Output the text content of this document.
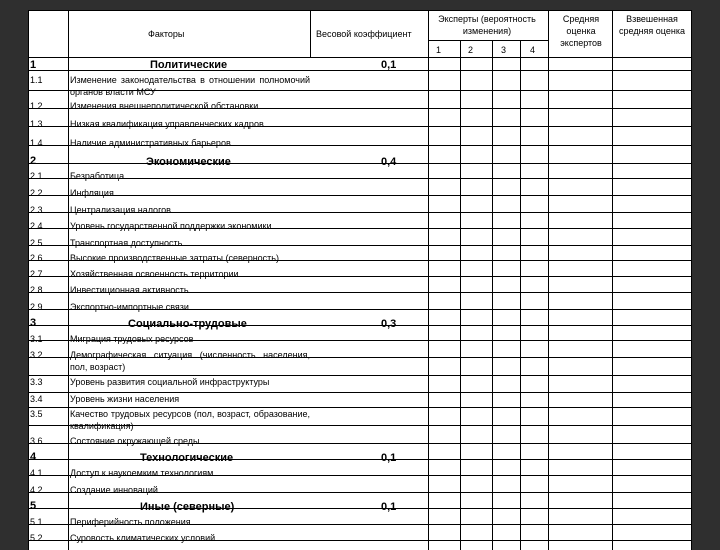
Факторы	Весовой коэффициент
Эксперты (вероятность изменения)
1	2	3	4
Средняя оценка экспертов
Взвешенная средняя оценка
1	Политические	0,1
1.1	Изменение законодательства в отношении полномочий органов власти МСУ
1.2	Изменения внешнеполитической обстановки
1.3	Низкая квалификация управленческих кадров
1.4	Наличие административных барьеров
2	Экономические	0,4
2.1	Безработица
2.2	Инфляция
2.3	Централизация налогов
2.4	Уровень государственной поддержки экономики
2.5	Транспортная доступность
2.6	Высокие производственные затраты (северность)
2.7	Хозяйственная освоенность территории
2.8	Инвестиционная активность
2.9	Экспортно-импортные связи
3	Социально-трудовые	0,3
3.1	Миграция трудовых ресурсов
3.2	Демографическая ситуация (численность населения, пол, возраст)
3.3	Уровень развития социальной инфраструктуры
3.4	Уровень жизни населения
3.5	Качество трудовых ресурсов (пол, возраст, образование, квалификация)
3.6	Состояние окружающей среды
4	Технологические	0,1
4.1	Доступ к наукоемким технологиям
4.2	Создание инноваций
5	Иные (северные)	0,1
5.1	Периферийность положения
5.2	Суровость климатических условий
